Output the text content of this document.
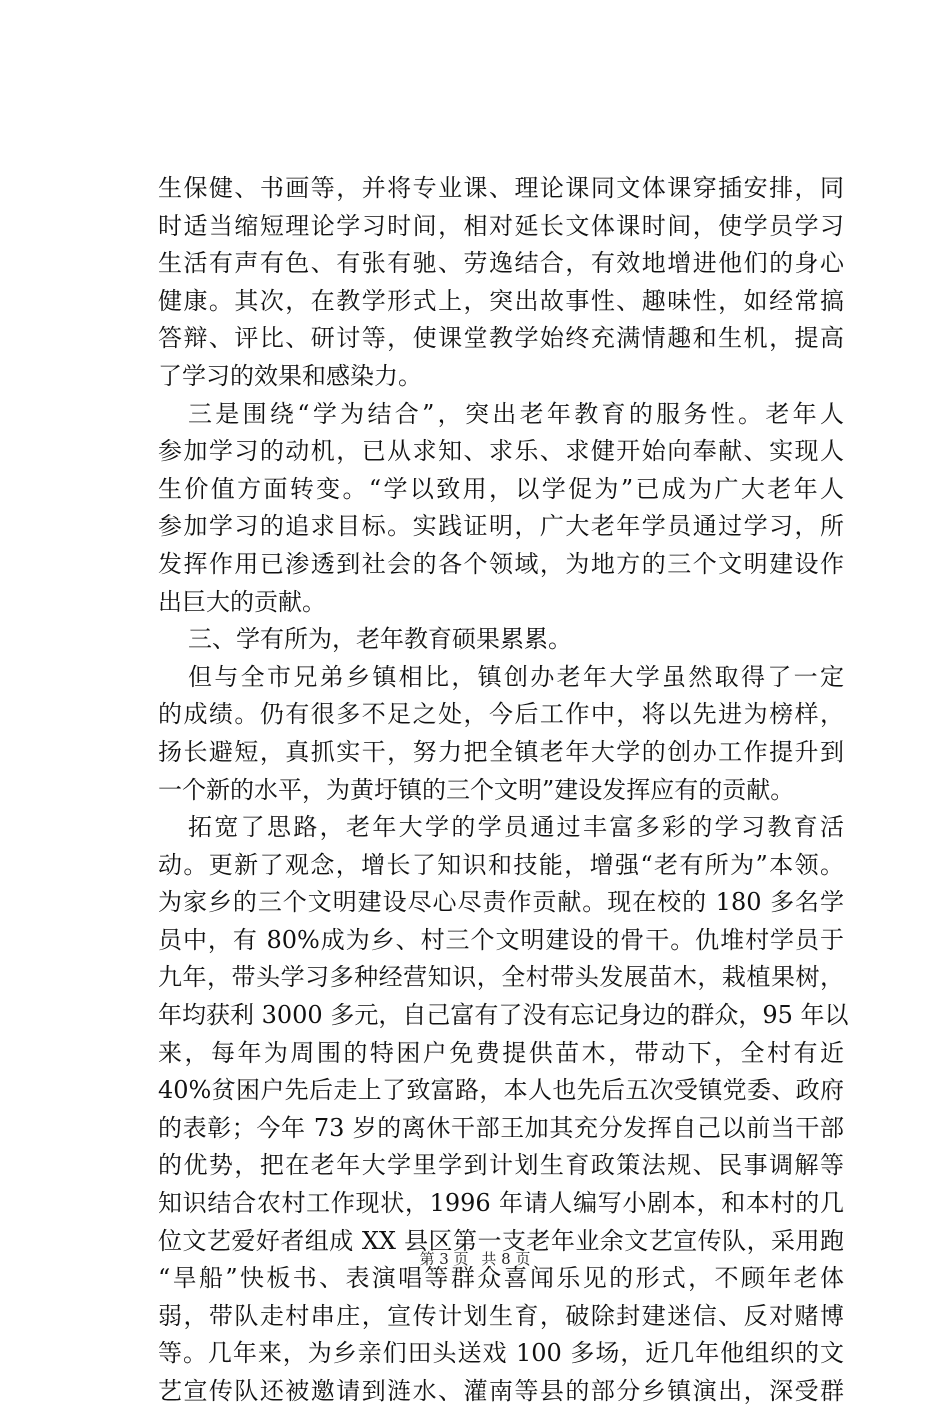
生保健、书画等，并将专业课、理论课同文体课穿插安排，同
时适当缩短理论学习时间，相对延长文体课时间，使学员学习
生活有声有色、有张有驰、劳逸结合，有效地增进他们的身心
健康。其次，在教学形式上，突出故事性、趣味性，如经常搞
答辩、评比、研讨等，使课堂教学始终充满情趣和生机，提高
了学习的效果和感染力。
三是围绕“学为结合”，突出老年教育的服务性。老年人
参加学习的动机，已从求知、求乐、求健开始向奉献、实现人
生价值方面转变。“学以致用，以学促为”已成为广大老年人
参加学习的追求目标。实践证明，广大老年学员通过学习，所
发挥作用已渗透到社会的各个领域，为地方的三个文明建设作
出巨大的贡献。
三、学有所为，老年教育硕果累累。
但与全市兄弟乡镇相比，镇创办老年大学虽然取得了一定
的成绩。仍有很多不足之处，今后工作中，将以先进为榜样，
扬长避短，真抓实干，努力把全镇老年大学的创办工作提升到
一个新的水平，为黄圩镇的三个文明”建设发挥应有的贡献。
拓宽了思路，老年大学的学员通过丰富多彩的学习教育活
动。更新了观念，增长了知识和技能，增强“老有所为”本领。
为家乡的三个文明建设尽心尽责作贡献。现在校的 180 多名学
员中，有 80%成为乡、村三个文明建设的骨干。仇堆村学员于
九年，带头学习多种经营知识，全村带头发展苗木，栽植果树，
年均获利 3000 多元，自己富有了没有忘记身边的群众，95 年以
来，每年为周围的特困户免费提供苗木，带动下，全村有近
40%贫困户先后走上了致富路，本人也先后五次受镇党委、政府
的表彰；今年 73 岁的离休干部王加其充分发挥自己以前当干部
的优势，把在老年大学里学到计划生育政策法规、民事调解等
知识结合农村工作现状，1996 年请人编写小剧本，和本村的几
位文艺爱好者组成 XX 县区第一支老年业余文艺宣传队，采用跑
“旱船”快板书、表演唱等群众喜闻乐见的形式，不顾年老体
弱，带队走村串庄，宣传计划生育，破除封建迷信、反对赌博
等。几年来，为乡亲们田头送戏 100 多场，近几年他组织的文
艺宣传队还被邀请到涟水、灌南等县的部分乡镇演出，深受群
第 3 页 共 8 页
